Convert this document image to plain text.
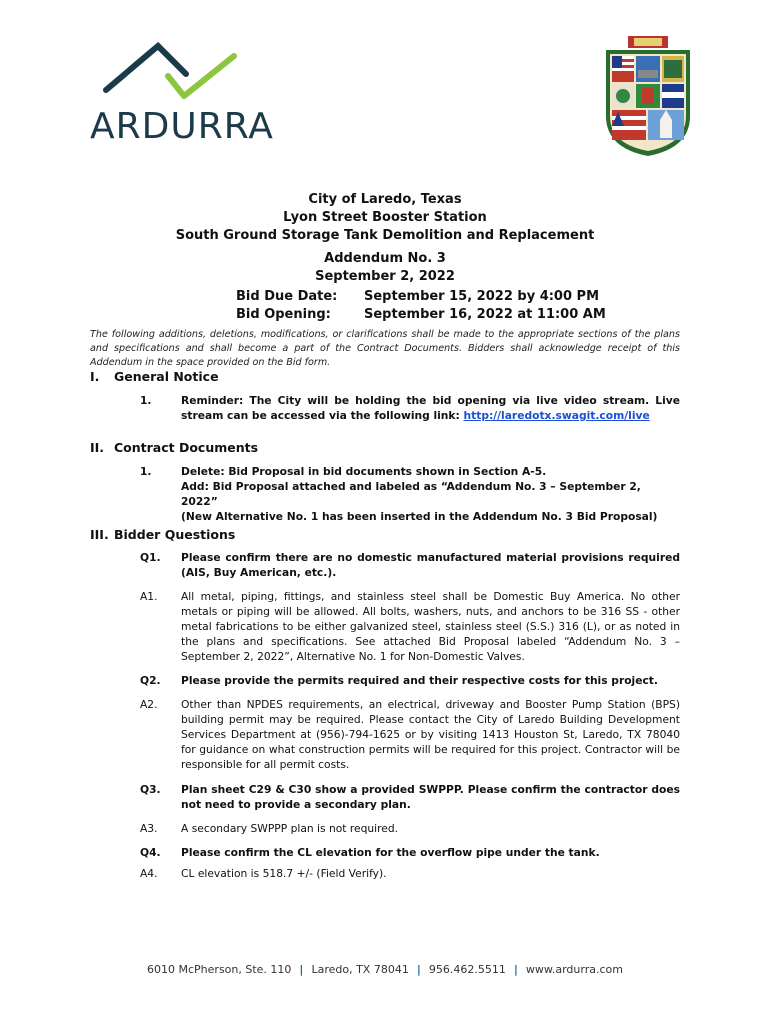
ARDURRA
City of Laredo, Texas
Lyon Street Booster Station
South Ground Storage Tank Demolition and Replacement
Addendum No. 3
September 2, 2022
Bid Due Date: September 15, 2022 by 4:00 PM
Bid Opening:	September 16, 2022 at 11:00 AM
The following additions, deletions, modifications, or clarifications shall be made to the appropriate sections of the plans and specifications and shall become a part of the Contract Documents. Bidders shall acknowledge receipt of this Addendum in the space provided on the Bid form.
I. General Notice
1.	Reminder: The City will be holding the bid opening via live video stream. Live stream can be accessed via the following link: http://laredotx.swagit.com/live
II. Contract Documents
1.	Delete: Bid Proposal in bid documents shown in Section A-5.
Add: Bid Proposal attached and labeled as “Addendum No. 3 – September 2, 2022”
(New Alternative No. 1 has been inserted in the Addendum No. 3 Bid Proposal)
III. Bidder Questions
Q1. Please confirm there are no domestic manufactured material provisions required (AIS, Buy American, etc.).
A1. All metal, piping, fittings, and stainless steel shall be Domestic Buy America. No other metals or piping will be allowed. All bolts, washers, nuts, and anchors to be 316 SS - other metal fabrications to be either galvanized steel, stainless steel (S.S.) 316 (L), or as noted in the plans and specifications. See attached Bid Proposal labeled “Addendum No. 3 – September 2, 2022”, Alternative No. 1 for Non-Domestic Valves.
Q2. Please provide the permits required and their respective costs for this project.
A2. Other than NPDES requirements, an electrical, driveway and Booster Pump Station (BPS) building permit may be required. Please contact the City of Laredo Building Development Services Department at (956)-794-1625 or by visiting 1413 Houston St, Laredo, TX 78040 for guidance on what construction permits will be required for this project. Contractor will be responsible for all permit costs.
Q3. Plan sheet C29 & C30 show a provided SWPPP. Please confirm the contractor does not need to provide a secondary plan.
A3. A secondary SWPPP plan is not required.
Q4. Please confirm the CL elevation for the overflow pipe under the tank.
A4. CL elevation is 518.7 +/- (Field Verify).
6010 McPherson, Ste. 110 | Laredo, TX 78041 | 956.462.5511 | www.ardurra.com
